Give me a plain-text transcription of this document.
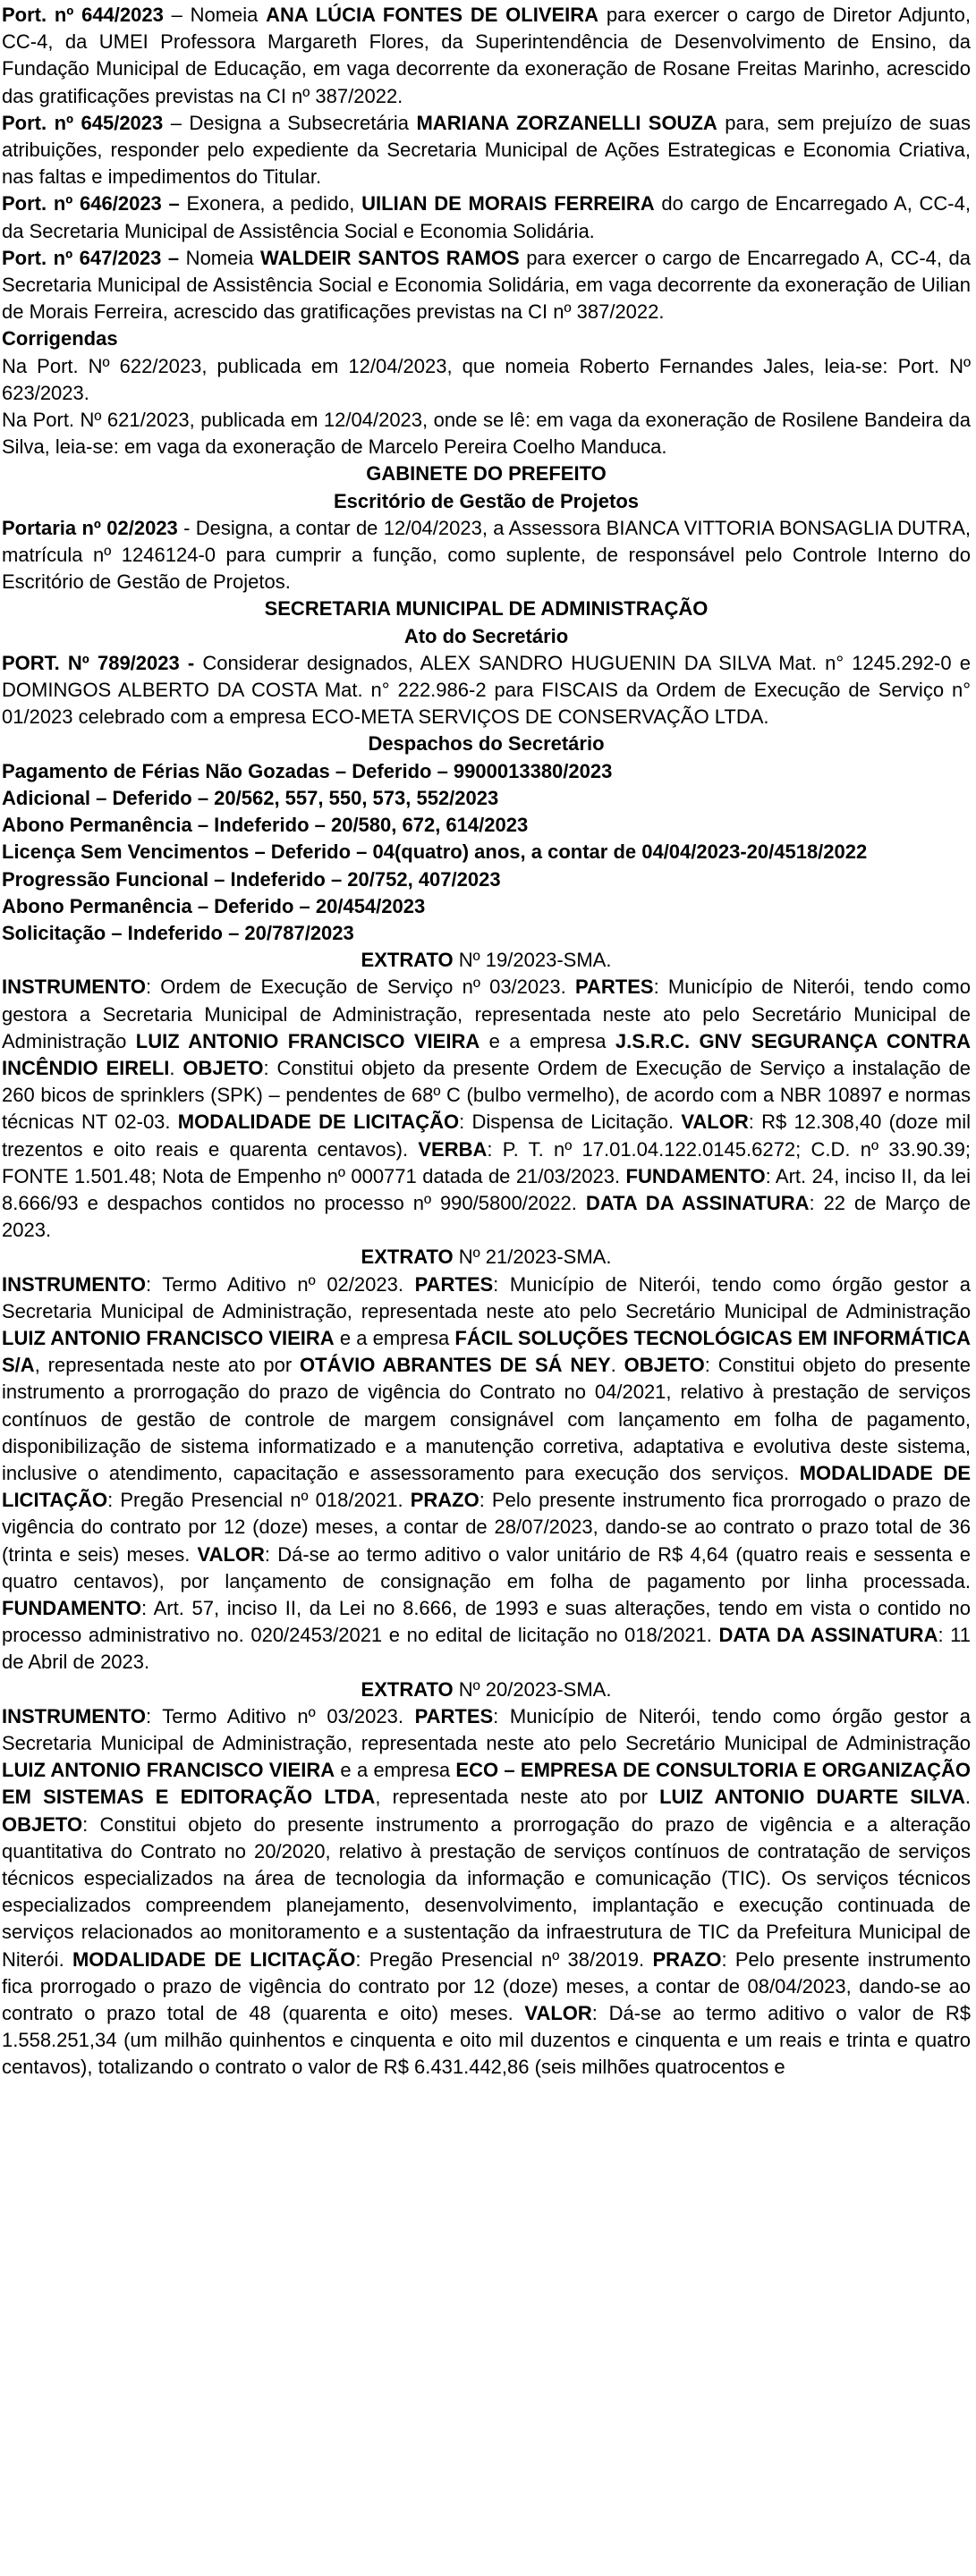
Port. nº 644/2023 – Nomeia ANA LÚCIA FONTES DE OLIVEIRA para exercer o cargo de Diretor Adjunto, CC-4, da UMEI Professora Margareth Flores, da Superintendência de Desenvolvimento de Ensino, da Fundação Municipal de Educação, em vaga decorrente da exoneração de Rosane Freitas Marinho, acrescido das gratificações previstas na CI nº 387/2022.

Port. nº 645/2023 – Designa a Subsecretária MARIANA ZORZANELLI SOUZA para, sem prejuízo de suas atribuições, responder pelo expediente da Secretaria Municipal de Ações Estrategicas e Economia Criativa, nas faltas e impedimentos do Titular.

Port. nº 646/2023 – Exonera, a pedido, UILIAN DE MORAIS FERREIRA do cargo de Encarregado A, CC-4, da Secretaria Municipal de Assistência Social e Economia Solidária.

Port. nº 647/2023 – Nomeia WALDEIR SANTOS RAMOS para exercer o cargo de Encarregado A, CC-4, da Secretaria Municipal de Assistência Social e Economia Solidária, em vaga decorrente da exoneração de Uilian de Morais Ferreira, acrescido das gratificações previstas na CI nº 387/2022.

Corrigendas

Na Port. Nº 622/2023, publicada em 12/04/2023, que nomeia Roberto Fernandes Jales, leia-se: Port. Nº 623/2023.

Na Port. Nº 621/2023, publicada em 12/04/2023, onde se lê: em vaga da exoneração de Rosilene Bandeira da Silva, leia-se: em vaga da exoneração de Marcelo Pereira Coelho Manduca.

GABINETE DO PREFEITO

Escritório de Gestão de Projetos

Portaria nº 02/2023 - Designa, a contar de 12/04/2023, a Assessora BIANCA VITTORIA BONSAGLIA DUTRA, matrícula nº 1246124-0 para cumprir a função, como suplente, de responsável pelo Controle Interno do Escritório de Gestão de Projetos.

SECRETARIA MUNICIPAL DE ADMINISTRAÇÃO

Ato do Secretário

PORT. Nº 789/2023 - Considerar designados, ALEX SANDRO HUGUENIN DA SILVA Mat. n° 1245.292-0 e DOMINGOS ALBERTO DA COSTA Mat. n° 222.986-2 para FISCAIS da Ordem de Execução de Serviço n° 01/2023 celebrado com a empresa ECO-META SERVIÇOS DE CONSERVAÇÃO LTDA.

Despachos do Secretário

Pagamento de Férias Não Gozadas – Deferido – 9900013380/2023

Adicional – Deferido – 20/562, 557, 550, 573, 552/2023

Abono Permanência – Indeferido – 20/580, 672, 614/2023

Licença Sem Vencimentos – Deferido – 04(quatro) anos, a contar de 04/04/2023-20/4518/2022

Progressão Funcional – Indeferido – 20/752, 407/2023

Abono Permanência – Deferido – 20/454/2023

Solicitação – Indeferido – 20/787/2023

EXTRATO Nº 19/2023-SMA.

INSTRUMENTO: Ordem de Execução de Serviço nº 03/2023. PARTES: Município de Niterói, tendo como gestora a Secretaria Municipal de Administração, representada neste ato pelo Secretário Municipal de Administração LUIZ ANTONIO FRANCISCO VIEIRA e a empresa J.S.R.C. GNV SEGURANÇA CONTRA INCÊNDIO EIRELI. OBJETO: Constitui objeto da presente Ordem de Execução de Serviço a instalação de 260 bicos de sprinklers (SPK) – pendentes de 68º C (bulbo vermelho), de acordo com a NBR 10897 e normas técnicas NT 02-03. MODALIDADE DE LICITAÇÃO: Dispensa de Licitação. VALOR: R$ 12.308,40 (doze mil trezentos e oito reais e quarenta centavos). VERBA: P. T. nº 17.01.04.122.0145.6272; C.D. nº 33.90.39; FONTE 1.501.48; Nota de Empenho nº 000771 datada de 21/03/2023. FUNDAMENTO: Art. 24, inciso II, da lei 8.666/93 e despachos contidos no processo nº 990/5800/2022. DATA DA ASSINATURA: 22 de Março de 2023.

EXTRATO Nº 21/2023-SMA.

INSTRUMENTO: Termo Aditivo nº 02/2023. PARTES: Município de Niterói, tendo como órgão gestor a Secretaria Municipal de Administração, representada neste ato pelo Secretário Municipal de Administração LUIZ ANTONIO FRANCISCO VIEIRA e a empresa FÁCIL SOLUÇÕES TECNOLÓGICAS EM INFORMÁTICA S/A, representada neste ato por OTÁVIO ABRANTES DE SÁ NEY. OBJETO: Constitui objeto do presente instrumento a prorrogação do prazo de vigência do Contrato no 04/2021, relativo à prestação de serviços contínuos de gestão de controle de margem consignável com lançamento em folha de pagamento, disponibilização de sistema informatizado e a manutenção corretiva, adaptativa e evolutiva deste sistema, inclusive o atendimento, capacitação e assessoramento para execução dos serviços. MODALIDADE DE LICITAÇÃO: Pregão Presencial nº 018/2021. PRAZO: Pelo presente instrumento fica prorrogado o prazo de vigência do contrato por 12 (doze) meses, a contar de 28/07/2023, dando-se ao contrato o prazo total de 36 (trinta e seis) meses. VALOR: Dá-se ao termo aditivo o valor unitário de R$ 4,64 (quatro reais e sessenta e quatro centavos), por lançamento de consignação em folha de pagamento por linha processada. FUNDAMENTO: Art. 57, inciso II, da Lei no 8.666, de 1993 e suas alterações, tendo em vista o contido no processo administrativo no. 020/2453/2021 e no edital de licitação no 018/2021. DATA DA ASSINATURA: 11 de Abril de 2023.

EXTRATO Nº 20/2023-SMA.

INSTRUMENTO: Termo Aditivo nº 03/2023. PARTES: Município de Niterói, tendo como órgão gestor a Secretaria Municipal de Administração, representada neste ato pelo Secretário Municipal de Administração LUIZ ANTONIO FRANCISCO VIEIRA e a empresa ECO – EMPRESA DE CONSULTORIA E ORGANIZAÇÃO EM SISTEMAS E EDITORAÇÃO LTDA, representada neste ato por LUIZ ANTONIO DUARTE SILVA. OBJETO: Constitui objeto do presente instrumento a prorrogação do prazo de vigência e a alteração quantitativa do Contrato no 20/2020, relativo à prestação de serviços contínuos de contratação de serviços técnicos especializados na área de tecnologia da informação e comunicação (TIC). Os serviços técnicos especializados compreendem planejamento, desenvolvimento, implantação e execução continuada de serviços relacionados ao monitoramento e a sustentação da infraestrutura de TIC da Prefeitura Municipal de Niterói. MODALIDADE DE LICITAÇÃO: Pregão Presencial nº 38/2019. PRAZO: Pelo presente instrumento fica prorrogado o prazo de vigência do contrato por 12 (doze) meses, a contar de 08/04/2023, dando-se ao contrato o prazo total de 48 (quarenta e oito) meses. VALOR: Dá-se ao termo aditivo o valor de R$ 1.558.251,34 (um milhão quinhentos e cinquenta e oito mil duzentos e cinquenta e um reais e trinta e quatro centavos), totalizando o contrato o valor de R$ 6.431.442,86 (seis milhões quatrocentos e
